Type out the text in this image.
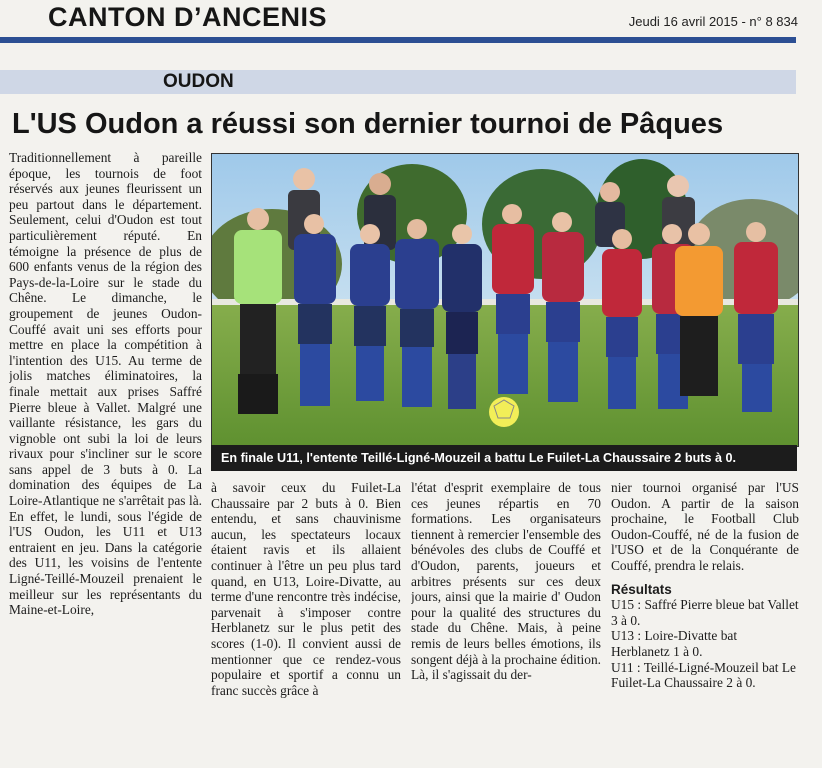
CANTON D’ANCENIS	Jeudi 16 avril 2015 - n° 8 834
OUDON
L'US Oudon a réussi son dernier tournoi de Pâques

Traditionnellement à pareille époque, les tournois de foot réservés aux jeunes fleurissent un peu partout dans le département. Seulement, celui d'Oudon est tout particulièrement réputé. En témoigne la présence de plus de 600 enfants venus de la région des Pays-de-la-Loire sur le stade du Chêne. Le dimanche, le groupement de jeunes Oudon-Couffé avait uni ses efforts pour mettre en place la compétition à l'intention des U15. Au terme de jolis matches éliminatoires, la finale mettait aux prises Saffré Pierre bleue à Vallet. Malgré une vaillante résistance, les gars du vignoble ont subi la loi de leurs rivaux pour s'incliner sur le score sans appel de 3 buts à 0. La domination des équipes de La Loire-Atlantique ne s'arrêtait pas là. En effet, le lundi, sous l'égide de l'US Oudon, les U11 et U13 entraient en jeu. Dans la catégorie des U11, les voisins de l'entente Ligné-Teillé-Mouzeil prenaient le meilleur sur les représentants du Maine-et-Loire,

En finale U11, l'entente Teillé-Ligné-Mouzeil a battu Le Fuilet-La Chaussaire 2 buts à 0.

à savoir ceux du Fuilet-La Chaussaire par 2 buts à 0. Bien entendu, et sans chauvinisme aucun, les spectateurs locaux étaient ravis et ils allaient continuer à l'être un peu plus tard quand, en U13, Loire-Divatte, au terme d'une rencontre très indécise, parvenait à s'imposer contre Herblanetz sur le plus petit des scores (1-0). Il convient aussi de mentionner que ce rendez-vous populaire et sportif a connu un franc succès grâce à

l'état d'esprit exemplaire de tous ces jeunes répartis en 70 formations. Les organisateurs tiennent à remercier l'ensemble des bénévoles des clubs de Couffé et d'Oudon, parents, joueurs et arbitres présents sur ces deux jours, ainsi que la mairie d' Oudon pour la qualité des structures du stade du Chêne. Mais, à peine remis de leurs belles émotions, ils songent déjà à la prochaine édition. Là, il s'agissait du der-

nier tournoi organisé par l'US Oudon. A partir de la saison prochaine, le Football Club Oudon-Couffé, né de la fusion de l'USO et de la Conquérante de Couffé, prendra le relais.

Résultats

U15 : Saffré Pierre bleue bat Vallet 3 à 0.

U13 : Loire-Divatte bat Herblanetz 1 à 0.

U11 : Teillé-Ligné-Mouzeil bat Le Fuilet-La Chaussaire 2 à 0.
